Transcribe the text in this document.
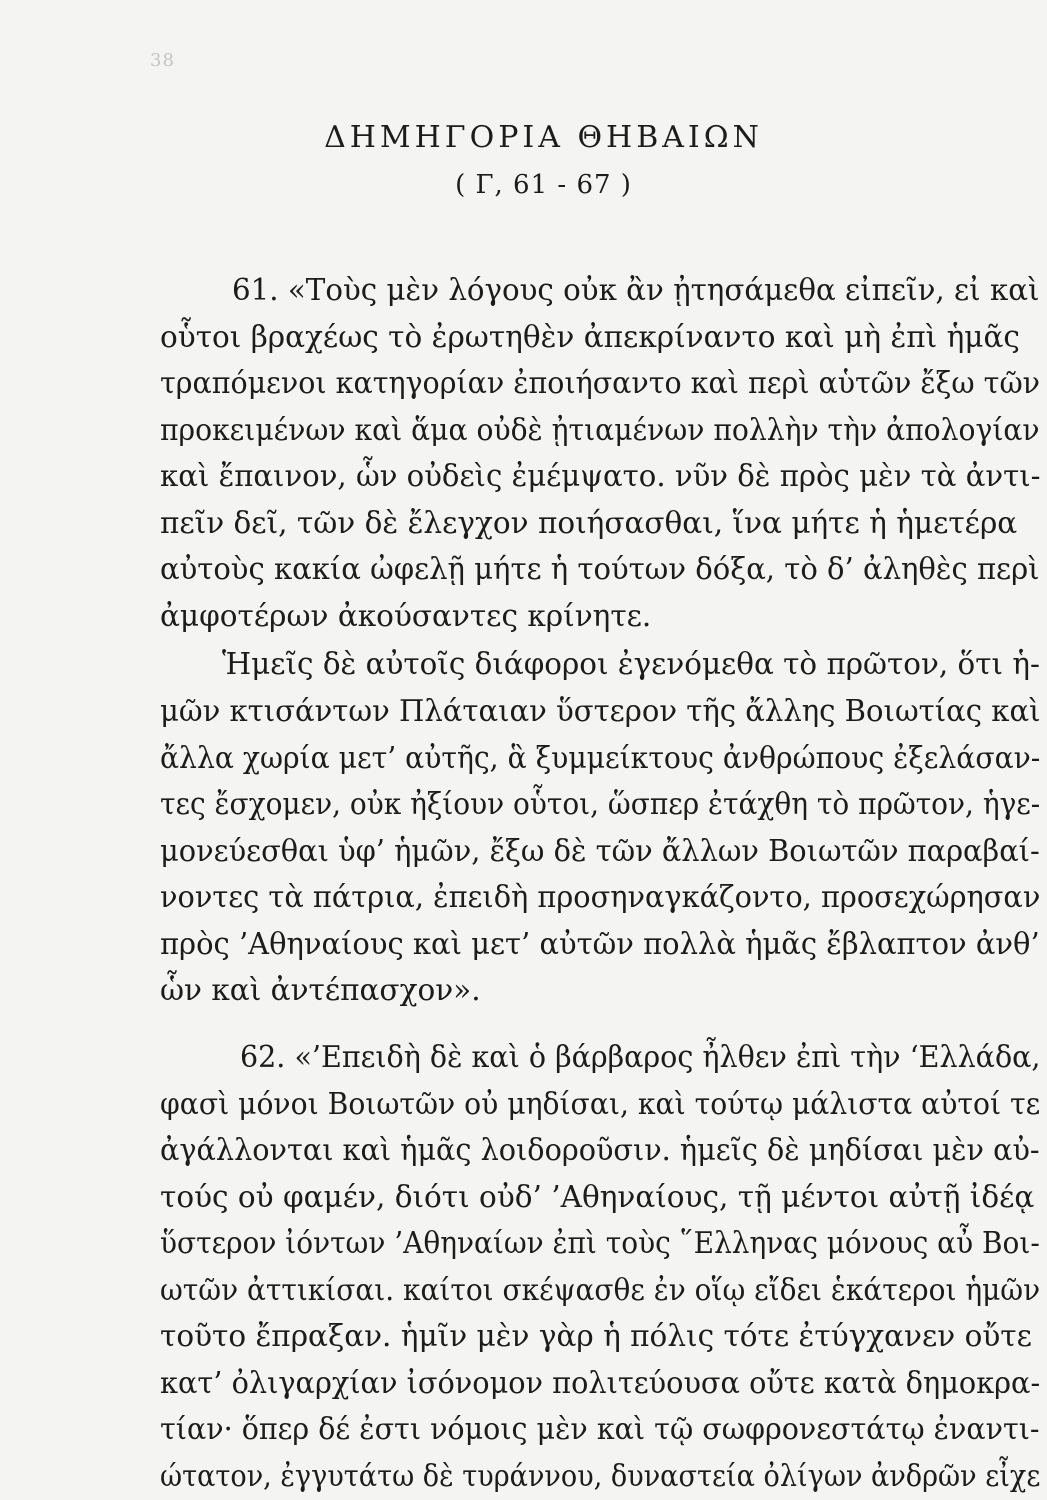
38
ΔΗΜΗΓΟΡΙΑ ΘΗΒΑΙΩΝ
( Γ, 61 - 67 )
61. «Τοὺς μὲν λόγους οὐκ ἂν ᾐτησάμεθα εἰπεῖν, εἰ καὶ
οὗτοι βραχέως τὸ ἐρωτηθὲν ἀπεκρίναντο καὶ μὴ ἐπὶ ἡμᾶς
τραπόμενοι κατηγορίαν ἐποιήσαντο καὶ περὶ αὑτῶν ἔξω τῶν
προκειμένων καὶ ἅμα οὐδὲ ᾐτιαμένων πολλὴν τὴν ἀπολογίαν
καὶ ἔπαινον, ὧν οὐδεὶς ἐμέμψατο. νῦν δὲ πρὸς μὲν τὰ ἀντι-
πεῖν δεῖ, τῶν δὲ ἔλεγχον ποιήσασθαι, ἵνα μήτε ἡ ἡμετέρα
αὐτοὺς κακία ὠφελῇ μήτε ἡ τούτων δόξα, τὸ δ’ ἀληθὲς περὶ
ἀμφοτέρων ἀκούσαντες κρίνητε.
Ἡμεῖς δὲ αὐτοῖς διάφοροι ἐγενόμεθα τὸ πρῶτον, ὅτι ἡ-
μῶν κτισάντων Πλάταιαν ὕστερον τῆς ἄλλης Βοιωτίας καὶ
ἄλλα χωρία μετ’ αὐτῆς, ἃ ξυμμείκτους ἀνθρώπους ἐξελάσαν-
τες ἔσχομεν, οὐκ ἠξίουν οὗτοι, ὥσπερ ἐτάχθη τὸ πρῶτον, ἡγε-
μονεύεσθαι ὑφ’ ἡμῶν, ἔξω δὲ τῶν ἄλλων Βοιωτῶν παραβαί-
νοντες τὰ πάτρια, ἐπειδὴ προσηναγκάζοντο, προσεχώρησαν
πρὸς ’Αθηναίους καὶ μετ’ αὐτῶν πολλὰ ἡμᾶς ἔβλαπτον ἀνθ’
ὧν καὶ ἀντέπασχον».
62. «’Επειδὴ δὲ καὶ ὁ βάρβαρος ἦλθεν ἐπὶ τὴν ‘Ελλάδα,
φασὶ μόνοι Βοιωτῶν οὐ μηδίσαι, καὶ τούτῳ μάλιστα αὐτοί τε
ἀγάλλονται καὶ ἡμᾶς λοιδοροῦσιν. ἡμεῖς δὲ μηδίσαι μὲν αὐ-
τούς οὐ φαμέν, διότι οὐδ’ ’Αθηναίους, τῇ μέντοι αὐτῇ ἰδέᾳ
ὕστερον ἰόντων ’Αθηναίων ἐπὶ τοὺς ῞Ελληνας μόνους αὖ Βοι-
ωτῶν ἀττικίσαι. καίτοι σκέψασθε ἐν οἵῳ εἴδει ἑκάτεροι ἡμῶν
τοῦτο ἔπραξαν. ἡμῖν μὲν γὰρ ἡ πόλις τότε ἐτύγχανεν οὔτε
κατ’ ὀλιγαρχίαν ἰσόνομον πολιτεύουσα οὔτε κατὰ δημοκρα-
τίαν· ὅπερ δέ ἐστι νόμοις μὲν καὶ τῷ σωφρονεστάτῳ ἐναντι-
ώτατον, ἐγγυτάτω δὲ τυράννου, δυναστεία ὀλίγων ἀνδρῶν εἶχε
